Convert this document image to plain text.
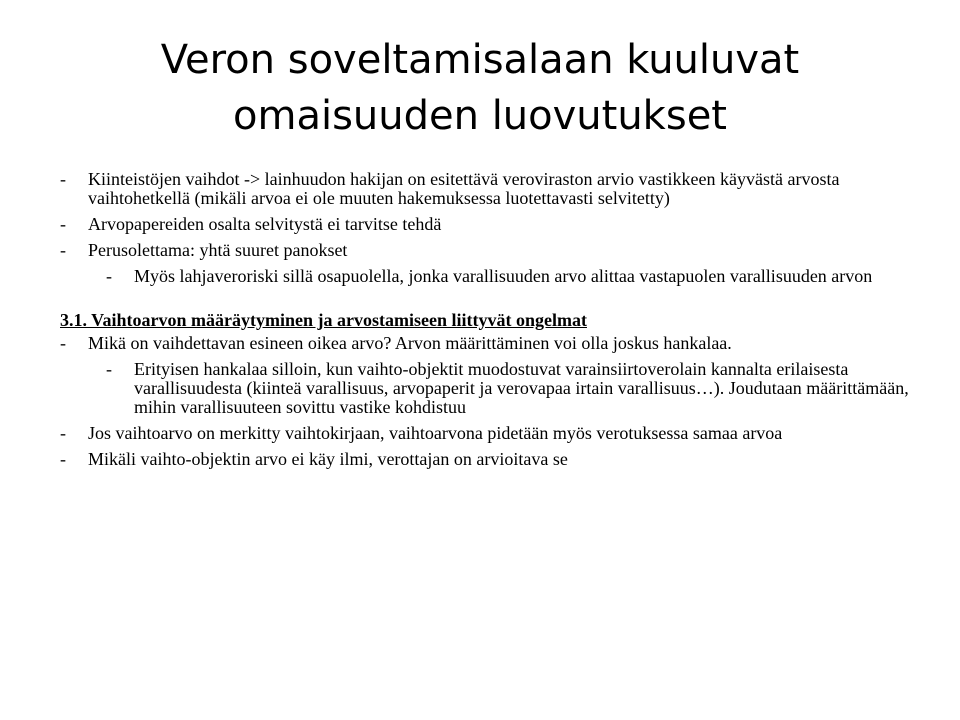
Veron soveltamisalaan kuuluvat
omaisuuden luovutukset
- Kiinteistöjen vaihdot -> lainhuudon hakijan on esitettävä veroviraston arvio vastikkeen käyvästä arvosta vaihtohetkellä (mikäli arvoa ei ole muuten hakemuksessa luotettavasti selvitetty)
- Arvopapereiden osalta selvitystä ei tarvitse tehdä
- Perusolettama: yhtä suuret panokset
- Myös lahjaveroriski sillä osapuolella, jonka varallisuuden arvo alittaa vastapuolen varallisuuden arvon
3.1. Vaihtoarvon määräytyminen ja arvostamiseen liittyvät ongelmat
- Mikä on vaihdettavan esineen oikea arvo? Arvon määrittäminen voi olla joskus hankalaa.
- Erityisen hankalaa silloin, kun vaihto-objektit muodostuvat varainsiirtoverolain kannalta erilaisesta varallisuudesta (kiinteä varallisuus, arvopaperit ja verovapaa irtain varallisuus…). Joudutaan määrittämään, mihin varallisuuteen sovittu vastike kohdistuu
- Jos vaihtoarvo on merkitty vaihtokirjaan, vaihtoarvona pidetään myös verotuksessa samaa arvoa
- Mikäli vaihto-objektin arvo ei käy ilmi, verottajan on arvioitava se
